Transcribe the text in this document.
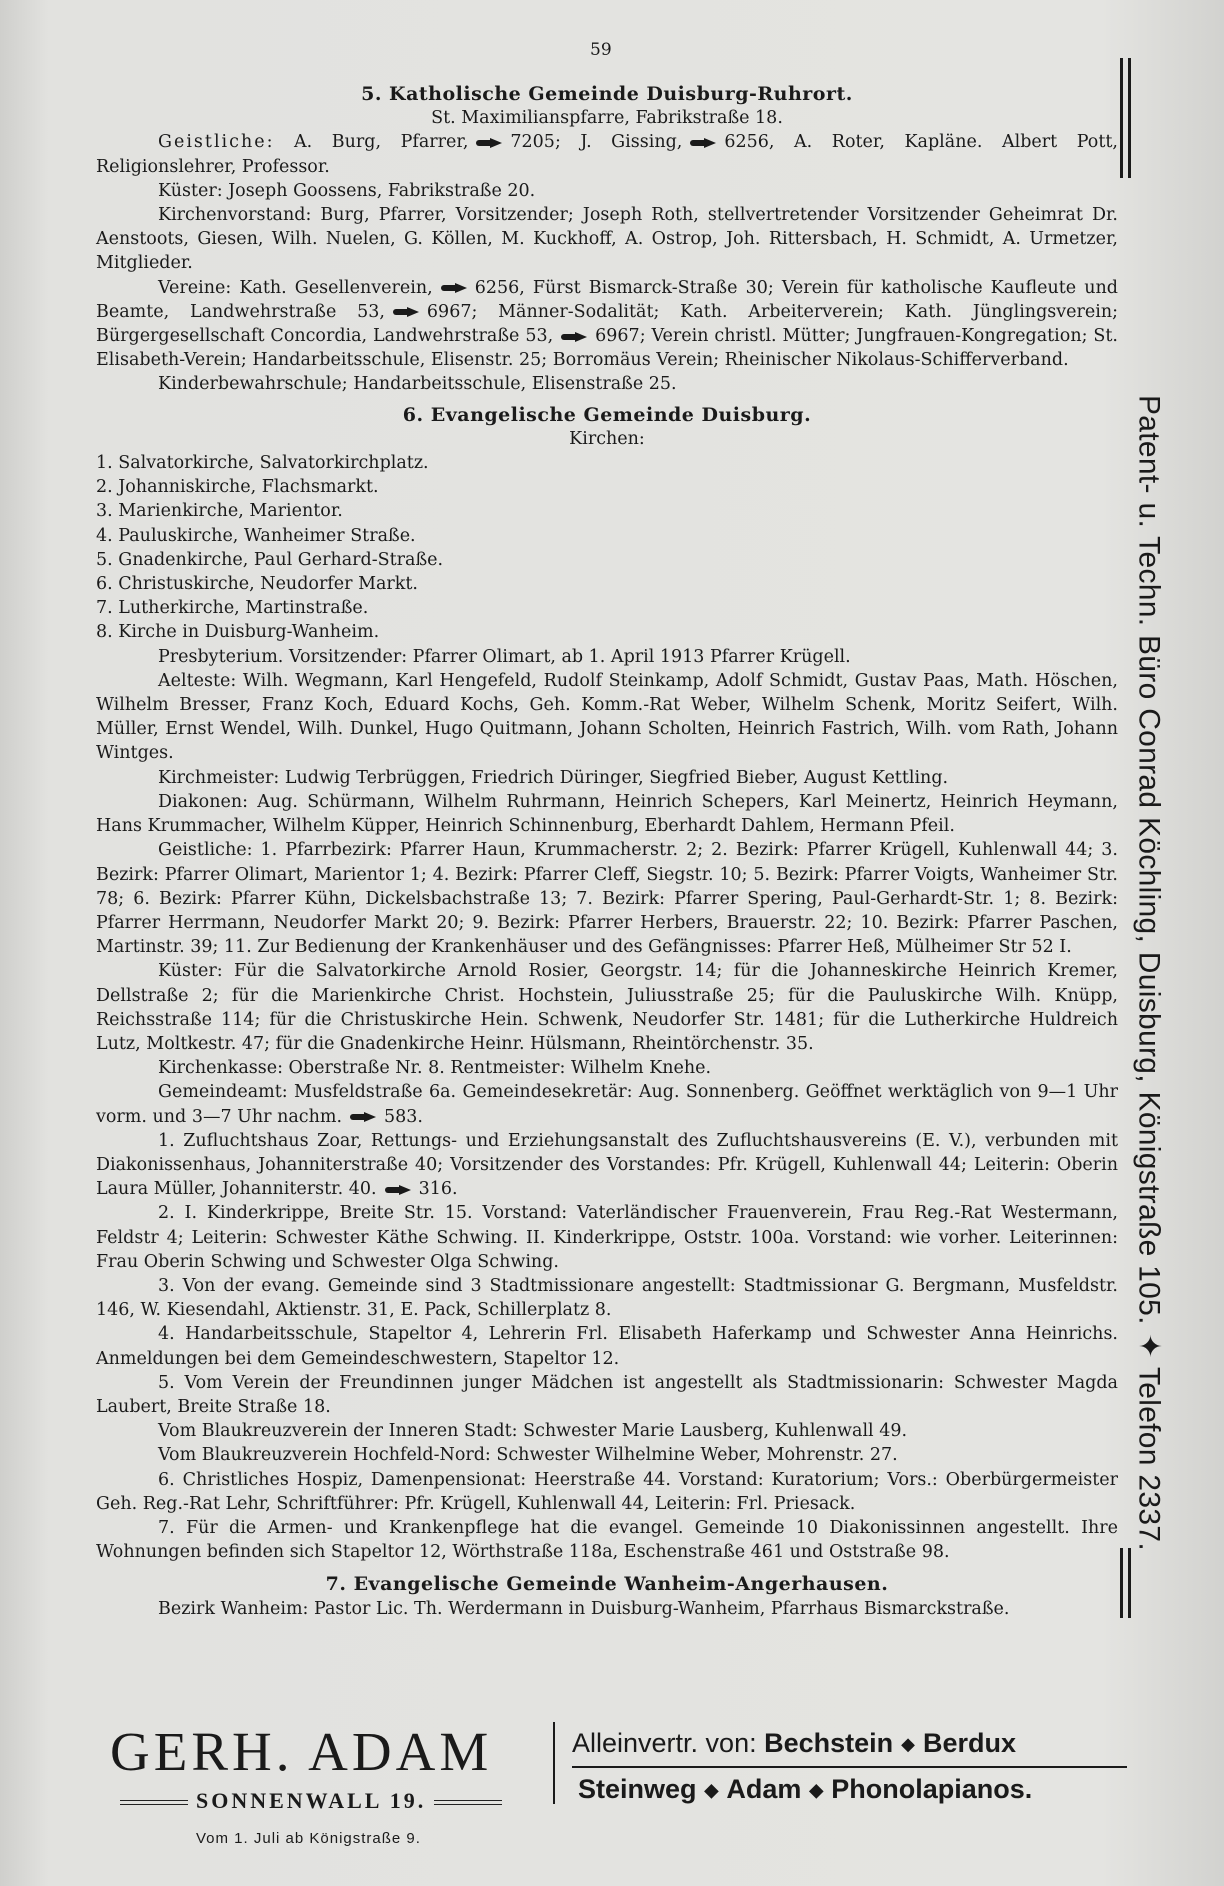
59

5. Katholische Gemeinde Duisburg-Ruhrort.

St. Maximilianspfarre, Fabrikstraße 18.

Geistliche: A. Burg, Pfarrer, 7205; J. Gissing, 6256, A. Roter, Kapläne. Albert Pott, Religionslehrer, Professor.

Küster: Joseph Goossens, Fabrikstraße 20.

Kirchenvorstand: Burg, Pfarrer, Vorsitzender; Joseph Roth, stellvertretender Vorsitzender Geheimrat Dr. Aenstoots, Giesen, Wilh. Nuelen, G. Köllen, M. Kuckhoff, A. Ostrop, Joh. Rittersbach, H. Schmidt, A. Urmetzer, Mitglieder.

Vereine: Kath. Gesellenverein, 6256, Fürst Bismarck-Straße 30; Verein für katholische Kaufleute und Beamte, Landwehrstraße 53, 6967; Männer-Sodalität; Kath. Arbeiterverein; Kath. Jünglingsverein; Bürgergesellschaft Concordia, Landwehrstraße 53, 6967; Verein christl. Mütter; Jungfrauen-Kongregation; St. Elisabeth-Verein; Handarbeitsschule, Elisenstr. 25; Borromäus Verein; Rheinischer Nikolaus-Schifferverband.

Kinderbewahrschule; Handarbeitsschule, Elisenstraße 25.

6. Evangelische Gemeinde Duisburg.

Kirchen:

1. Salvatorkirche, Salvatorkirchplatz.

2. Johanniskirche, Flachsmarkt.

3. Marienkirche, Marientor.

4. Pauluskirche, Wanheimer Straße.

5. Gnadenkirche, Paul Gerhard-Straße.

6. Christuskirche, Neudorfer Markt.

7. Lutherkirche, Martinstraße.

8. Kirche in Duisburg-Wanheim.

Presbyterium. Vorsitzender: Pfarrer Olimart, ab 1. April 1913 Pfarrer Krügell.

Aelteste: Wilh. Wegmann, Karl Hengefeld, Rudolf Steinkamp, Adolf Schmidt, Gustav Paas, Math. Höschen, Wilhelm Bresser, Franz Koch, Eduard Kochs, Geh. Komm.-Rat Weber, Wilhelm Schenk, Moritz Seifert, Wilh. Müller, Ernst Wendel, Wilh. Dunkel, Hugo Quitmann, Johann Scholten, Heinrich Fastrich, Wilh. vom Rath, Johann Wintges.

Kirchmeister: Ludwig Terbrüggen, Friedrich Düringer, Siegfried Bieber, August Kettling.

Diakonen: Aug. Schürmann, Wilhelm Ruhrmann, Heinrich Schepers, Karl Meinertz, Heinrich Heymann, Hans Krummacher, Wilhelm Küpper, Heinrich Schinnenburg, Eberhardt Dahlem, Hermann Pfeil.

Geistliche: 1. Pfarrbezirk: Pfarrer Haun, Krummacherstr. 2; 2. Bezirk: Pfarrer Krügell, Kuhlenwall 44; 3. Bezirk: Pfarrer Olimart, Marientor 1; 4. Bezirk: Pfarrer Cleff, Siegstr. 10; 5. Bezirk: Pfarrer Voigts, Wanheimer Str. 78; 6. Bezirk: Pfarrer Kühn, Dickelsbachstraße 13; 7. Bezirk: Pfarrer Spering, Paul-Gerhardt-Str. 1; 8. Bezirk: Pfarrer Herrmann, Neudorfer Markt 20; 9. Bezirk: Pfarrer Herbers, Brauerstr. 22; 10. Bezirk: Pfarrer Paschen, Martinstr. 39; 11. Zur Bedienung der Krankenhäuser und des Gefängnisses: Pfarrer Heß, Mülheimer Str 52 I.

Küster: Für die Salvatorkirche Arnold Rosier, Georgstr. 14; für die Johanneskirche Heinrich Kremer, Dellstraße 2; für die Marienkirche Christ. Hochstein, Juliusstraße 25; für die Pauluskirche Wilh. Knüpp, Reichsstraße 114; für die Christuskirche Hein. Schwenk, Neudorfer Str. 1481; für die Lutherkirche Huldreich Lutz, Moltkestr. 47; für die Gnadenkirche Heinr. Hülsmann, Rheintörchenstr. 35.

Kirchenkasse: Oberstraße Nr. 8. Rentmeister: Wilhelm Knehe.

Gemeindeamt: Musfeldstraße 6a. Gemeindesekretär: Aug. Sonnenberg. Geöffnet werktäglich von 9—1 Uhr vorm. und 3—7 Uhr nachm. 583.

1. Zufluchtshaus Zoar, Rettungs- und Erziehungsanstalt des Zufluchtshausvereins (E. V.), verbunden mit Diakonissenhaus, Johanniterstraße 40; Vorsitzender des Vorstandes: Pfr. Krügell, Kuhlenwall 44; Leiterin: Oberin Laura Müller, Johanniterstr. 40. 316.

2. I. Kinderkrippe, Breite Str. 15. Vorstand: Vaterländischer Frauenverein, Frau Reg.-Rat Westermann, Feldstr 4; Leiterin: Schwester Käthe Schwing. II. Kinderkrippe, Oststr. 100a. Vorstand: wie vorher. Leiterinnen: Frau Oberin Schwing und Schwester Olga Schwing.

3. Von der evang. Gemeinde sind 3 Stadtmissionare angestellt: Stadtmissionar G. Bergmann, Musfeldstr. 146, W. Kiesendahl, Aktienstr. 31, E. Pack, Schillerplatz 8.

4. Handarbeitsschule, Stapeltor 4, Lehrerin Frl. Elisabeth Haferkamp und Schwester Anna Heinrichs. Anmeldungen bei dem Gemeindeschwestern, Stapeltor 12.

5. Vom Verein der Freundinnen junger Mädchen ist angestellt als Stadtmissionarin: Schwester Magda Laubert, Breite Straße 18.

Vom Blaukreuzverein der Inneren Stadt: Schwester Marie Lausberg, Kuhlenwall 49.

Vom Blaukreuzverein Hochfeld-Nord: Schwester Wilhelmine Weber, Mohrenstr. 27.

6. Christliches Hospiz, Damenpensionat: Heerstraße 44. Vorstand: Kuratorium; Vors.: Oberbürgermeister Geh. Reg.-Rat Lehr, Schriftführer: Pfr. Krügell, Kuhlenwall 44, Leiterin: Frl. Priesack.

7. Für die Armen- und Krankenpflege hat die evangel. Gemeinde 10 Diakonissinnen angestellt. Ihre Wohnungen befinden sich Stapeltor 12, Wörthstraße 118a, Eschenstraße 461 und Oststraße 98.

7. Evangelische Gemeinde Wanheim-Angerhausen.

Bezirk Wanheim: Pastor Lic. Th. Werdermann in Duisburg-Wanheim, Pfarrhaus Bismarckstraße.

Patent- u. Techn. Büro Conrad Köchling, Duisburg, Königstraße 105. ✦ Telefon 2337.
GERH. ADAM
SONNENWALL 19.
Vom 1. Juli ab Königstraße 9.
Alleinvertr. von: Bechstein ◆ Berdux
Steinweg ◆ Adam ◆ Phonolapianos.
